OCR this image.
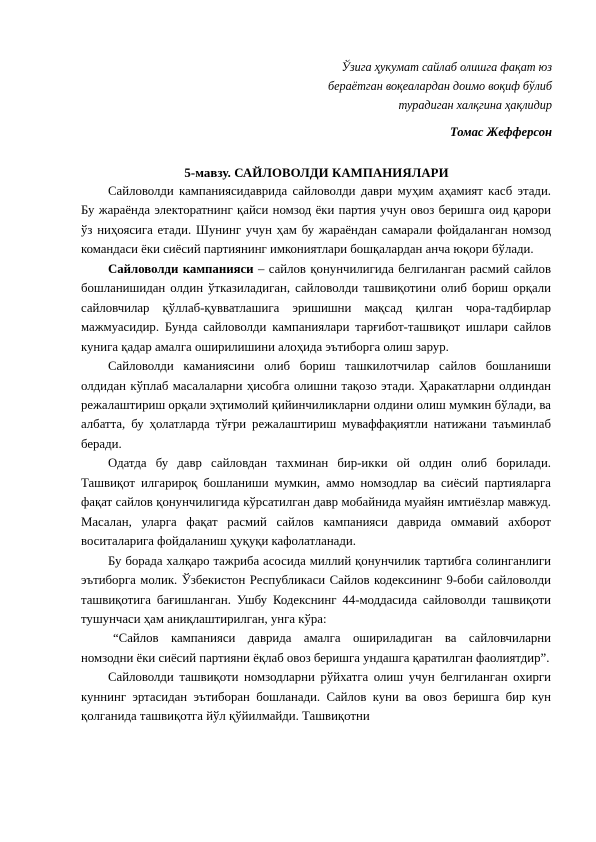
Ўзига ҳукумат сайлаб олишга фақат юз
бераётган воқеалардан доимо воқиф бўлиб
турадиган халқгина ҳақлидир
Томас Жефферсон
5-мавзу. САЙЛОВОЛДИ КАМПАНИЯЛАРИ

Сайловолди кампаниясидавридa сайловолди даври муҳим аҳамият касб этади. Бу жараёнда электоратнинг қайси номзод ёки партия учун овоз беришга оид қарори ўз ниҳоясига етади. Шунинг учун ҳам бу жараёндан самарали фойдаланган номзод командаси ёки сиёсий партиянинг имкониятлари бошқалардан анча юқори бўлади.

Сайловолди кампанияси – сайлов қонунчилигида белгиланган расмий сайлов бошланишидан олдин ўтказиладиган, сайловолди ташвиқотини олиб бориш орқали сайловчилар қўллаб-қувватлашига эришишни мақсад қилган чора-тадбирлар мажмуасидир. Бунда сайловолди кампаниялари тарғибот-ташвиқот ишлари сайлов кунига қадар амалга оширилишини алоҳида эътиборга олиш зарур.

Сайловолди каманиясини олиб бориш ташкилотчилар сайлов бошланиши олдидан кўплаб масалаларни ҳисобга олишни тақозо этади. Ҳаракатларни олдиндан режалаштириш орқали эҳтимолий қийинчиликларни олдини олиш мумкин бўлади, ва албатта, бу ҳолатларда тўғри режалаштириш муваффақиятли натижани таъминлаб беради.

Одатда бу давр сайловдан тахминан бир-икки ой олдин олиб борилади. Ташвиқот илгарироқ бошланиши мумкин, аммо номзодлар ва сиёсий партияларга фақат сайлов қонунчилигида кўрсатилган давр мобайнида муайян имтиёзлар мавжуд. Масалан, уларга фақат расмий сайлов кампанияси даврида оммавий ахборот воситаларига фойдаланиш ҳуқуқи кафолатланади.

Бу борада халқаро тажриба асосида миллий қонунчилик тартибга солинганлиги эътиборга молик. Ўзбекистон Республикаси Сайлов кодексининг 9-боби сайловолди ташвиқотига бағишланган. Ушбу Кодекснинг 44-моддасида сайловолди ташвиқоти тушунчаси ҳам аниқлаштирилган, унга кўра:

“Сайлов кампанияси даврида амалга ошириладиган ва сайловчиларни номзодни ёки сиёсий партияни ёқлаб овоз беришга ундашга қаратилган фаолиятдир”.

Сайловолди ташвиқоти номзодларни рўйхатга олиш учун белгиланган охирги куннинг эртасидан эътиборан бошланади. Сайлов куни ва овоз беришга бир кун қолганида ташвиқотга йўл қўйилмайди. Ташвиқотни
